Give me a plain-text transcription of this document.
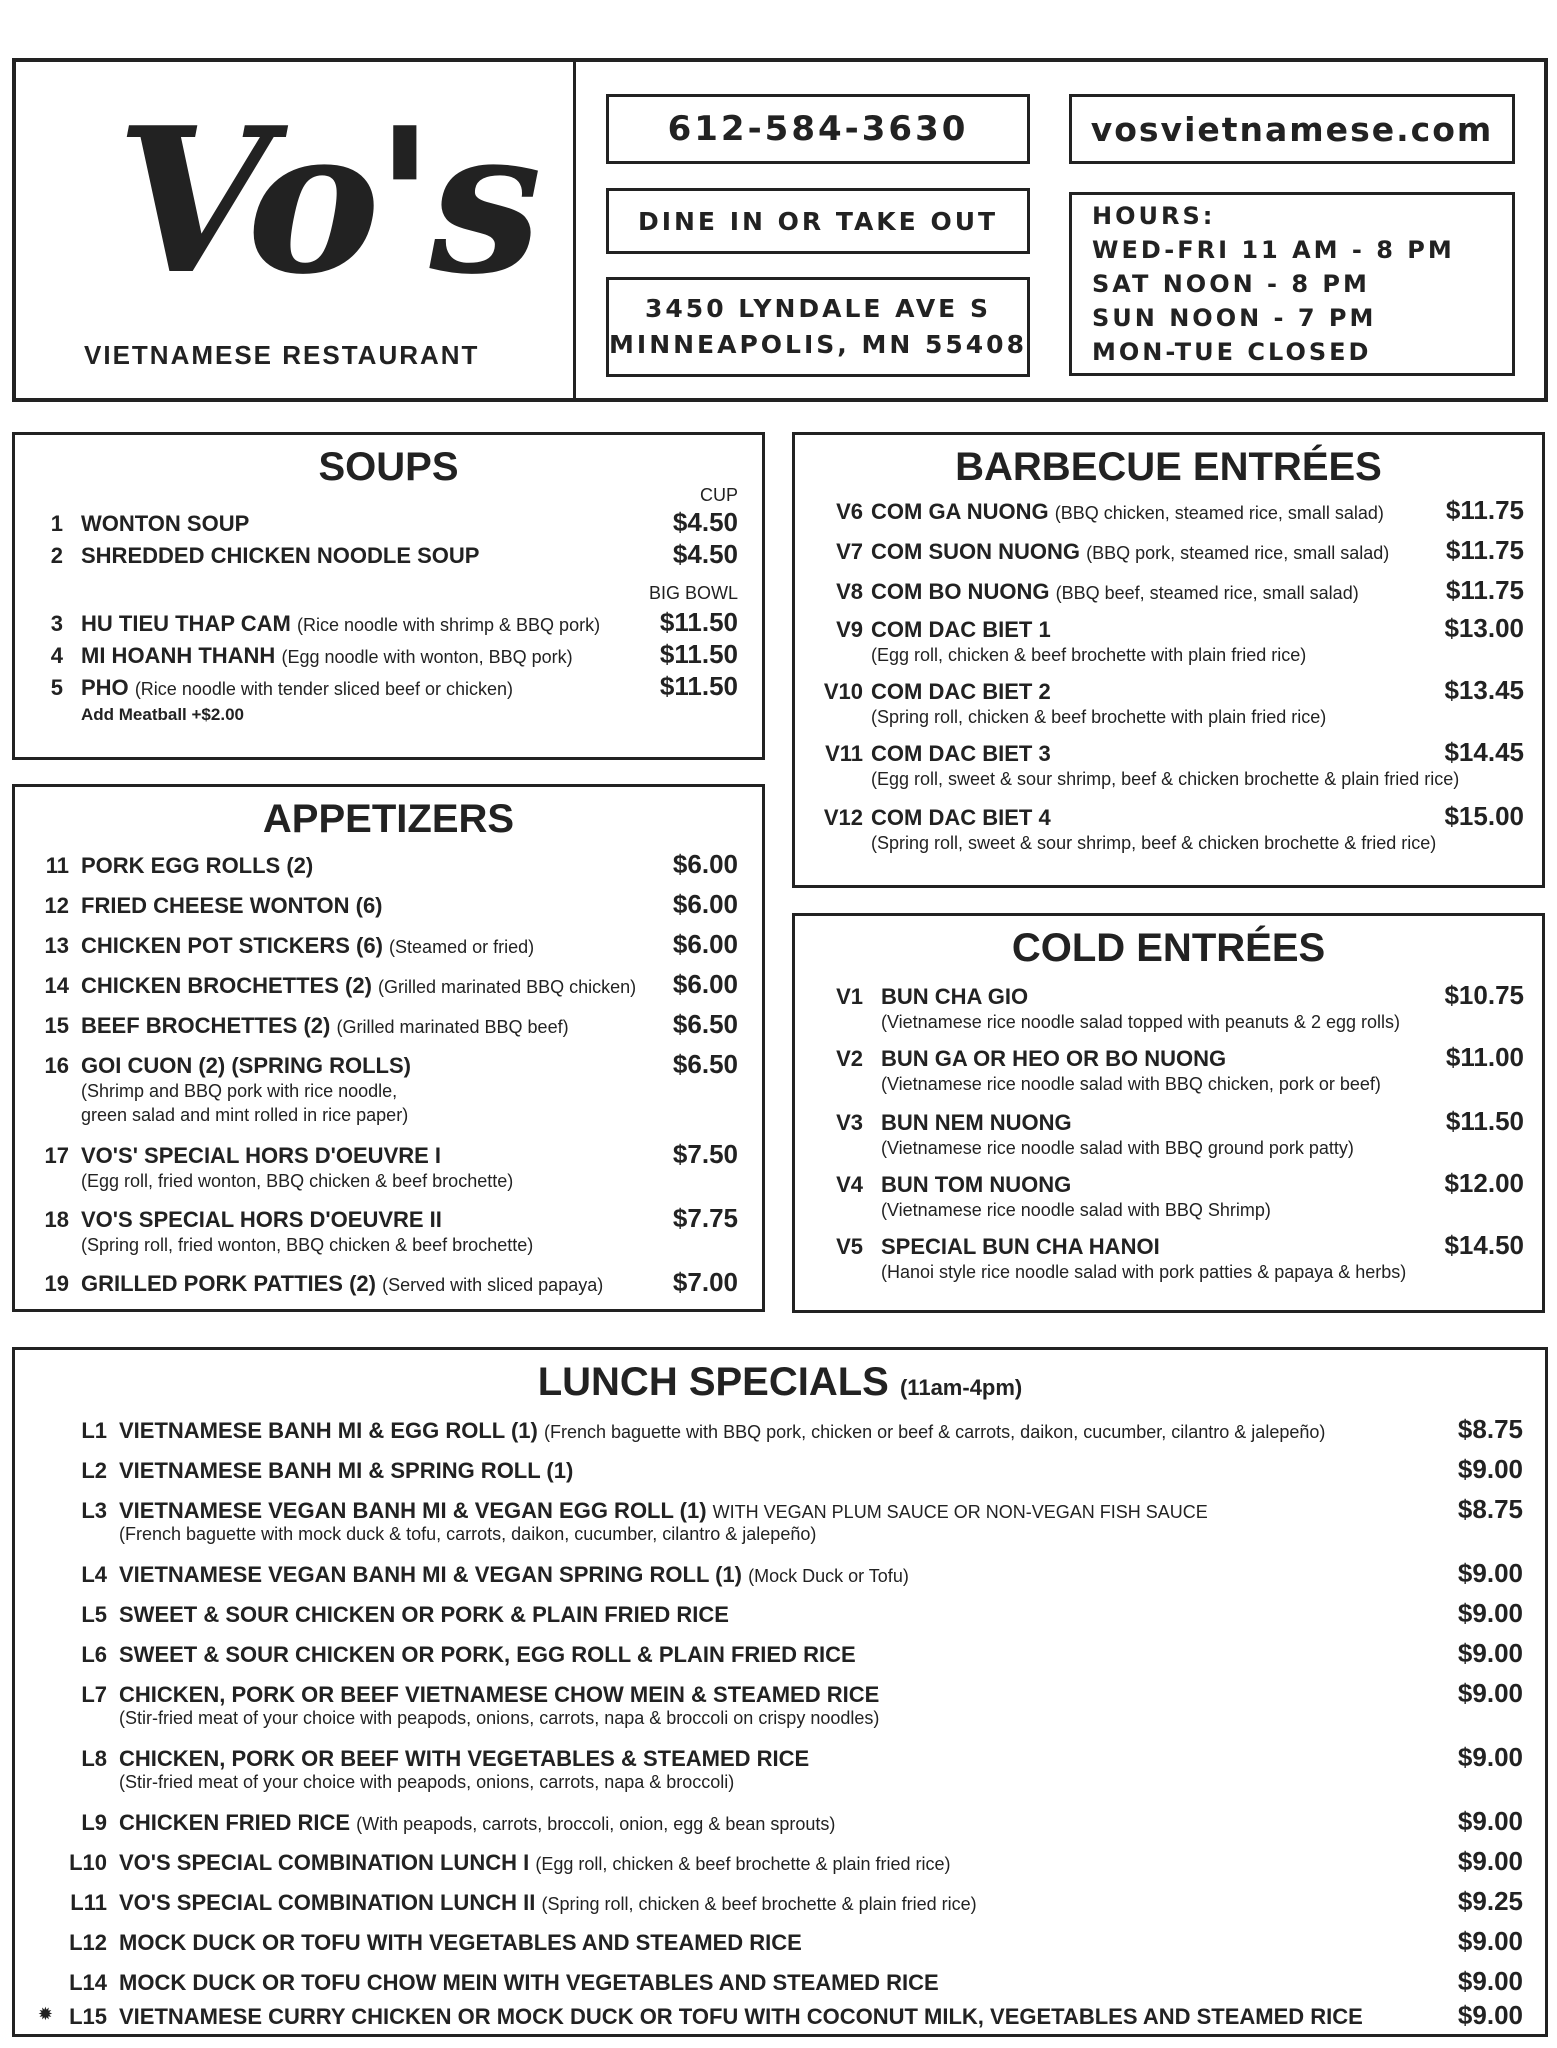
Vo's
VIETNAMESE RESTAURANT
612-584-3630	vosvietnamese.com
DINE IN OR TAKE OUT
3450 LYNDALE AVE S
MINNEAPOLIS, MN 55408
HOURS:
WED-FRI 11 AM - 8 PM
SAT NOON - 8 PM
SUN NOON - 7 PM
MON-TUE CLOSED
SOUPS
CUP
1 WONTON SOUP	$4.50
2 SHREDDED CHICKEN NOODLE SOUP	$4.50
BIG BOWL
3 HU TIEU THAP CAM (Rice noodle with shrimp & BBQ pork) $11.50
4 MI HOANH THANH (Egg noodle with wonton, BBQ pork)	$11.50
5 PHO (Rice noodle with tender sliced beef or chicken)	$11.50
Add Meatball +$2.00
APPETIZERS
11 PORK EGG ROLLS (2)	$6.00
12 FRIED CHEESE WONTON (6)	$6.00
13 CHICKEN POT STICKERS (6) (Steamed or fried)	$6.00
14 CHICKEN BROCHETTES (2) (Grilled marinated BBQ chicken) $6.00
15 BEEF BROCHETTES (2) (Grilled marinated BBQ beef)	$6.50
16 GOI CUON (2) (SPRING ROLLS)	$6.50
(Shrimp and BBQ pork with rice noodle,
green salad and mint rolled in rice paper)
17 VO'S' SPECIAL HORS D'OEUVRE I	$7.50
(Egg roll, fried wonton, BBQ chicken & beef brochette)
18 VO'S SPECIAL HORS D'OEUVRE II	$7.75
(Spring roll, fried wonton, BBQ chicken & beef brochette)
19 GRILLED PORK PATTIES (2) (Served with sliced papaya)	$7.00
BARBECUE ENTRÉES
V6 COM GA NUONG (BBQ chicken, steamed rice, small salad) $11.75
V7 COM SUON NUONG (BBQ pork, steamed rice, small salad) $11.75
V8 COM BO NUONG (BBQ beef, steamed rice, small salad)	$11.75
V9 COM DAC BIET 1	$13.00
(Egg roll, chicken & beef brochette with plain fried rice)
V10 COM DAC BIET 2	$13.45
(Spring roll, chicken & beef brochette with plain fried rice)
V11 COM DAC BIET 3	$14.45
(Egg roll, sweet & sour shrimp, beef & chicken brochette & plain fried rice)
V12 COM DAC BIET 4	$15.00
(Spring roll, sweet & sour shrimp, beef & chicken brochette & fried rice)
COLD ENTRÉES
V1 BUN CHA GIO	$10.75
(Vietnamese rice noodle salad topped with peanuts & 2 egg rolls)
V2 BUN GA OR HEO OR BO NUONG	$11.00
(Vietnamese rice noodle salad with BBQ chicken, pork or beef)
V3 BUN NEM NUONG	$11.50
(Vietnamese rice noodle salad with BBQ ground pork patty)
V4 BUN TOM NUONG	$12.00
(Vietnamese rice noodle salad with BBQ Shrimp)
V5 SPECIAL BUN CHA HANOI	$14.50
(Hanoi style rice noodle salad with pork patties & papaya & herbs)
LUNCH SPECIALS (11am-4pm)
L1 VIETNAMESE BANH MI & EGG ROLL (1) (French baguette with BBQ pork, chicken or beef & carrots, daikon, cucumber, cilantro & jalepeño)	$8.75
L2 VIETNAMESE BANH MI & SPRING ROLL (1)	$9.00
L3 VIETNAMESE VEGAN BANH MI & VEGAN EGG ROLL (1) WITH VEGAN PLUM SAUCE OR NON-VEGAN FISH SAUCE	$8.75
(French baguette with mock duck & tofu, carrots, daikon, cucumber, cilantro & jalepeño)
L4 VIETNAMESE VEGAN BANH MI & VEGAN SPRING ROLL (1) (Mock Duck or Tofu)	$9.00
L5 SWEET & SOUR CHICKEN OR PORK & PLAIN FRIED RICE	$9.00
L6 SWEET & SOUR CHICKEN OR PORK, EGG ROLL & PLAIN FRIED RICE	$9.00
L7 CHICKEN, PORK OR BEEF VIETNAMESE CHOW MEIN & STEAMED RICE	$9.00
(Stir-fried meat of your choice with peapods, onions, carrots, napa & broccoli on crispy noodles)
L8 CHICKEN, PORK OR BEEF WITH VEGETABLES & STEAMED RICE	$9.00
(Stir-fried meat of your choice with peapods, onions, carrots, napa & broccoli)
L9 CHICKEN FRIED RICE (With peapods, carrots, broccoli, onion, egg & bean sprouts)	$9.00
L10 VO'S SPECIAL COMBINATION LUNCH I (Egg roll, chicken & beef brochette & plain fried rice)	$9.00
L11 VO'S SPECIAL COMBINATION LUNCH II (Spring roll, chicken & beef brochette & plain fried rice)	$9.25
L12 MOCK DUCK OR TOFU WITH VEGETABLES AND STEAMED RICE	$9.00
L14 MOCK DUCK OR TOFU CHOW MEIN WITH VEGETABLES AND STEAMED RICE	$9.00
✹ L15 VIETNAMESE CURRY CHICKEN OR MOCK DUCK OR TOFU WITH COCONUT MILK, VEGETABLES AND STEAMED RICE	$9.00
